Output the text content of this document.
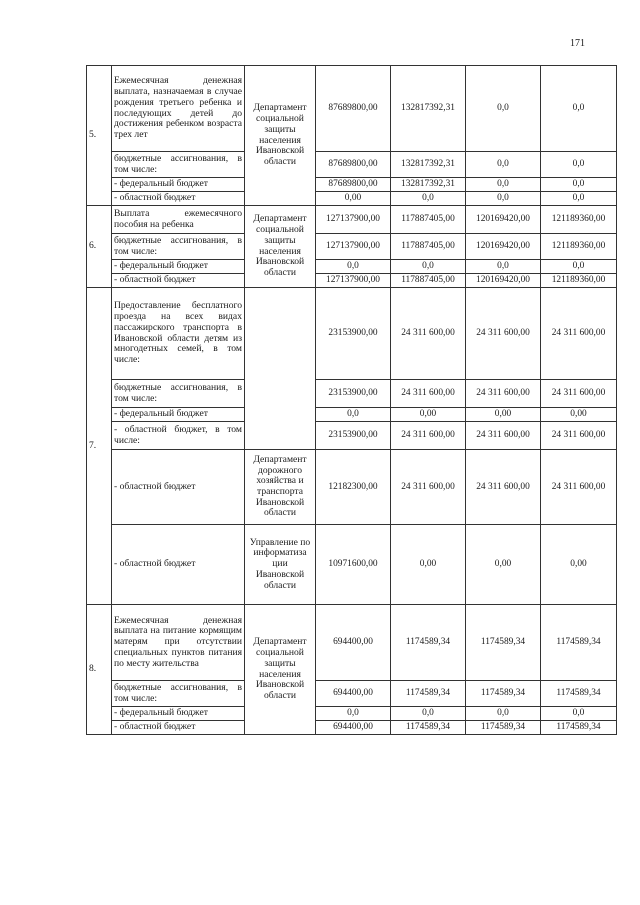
171
5.	Ежемесячная денежная выплата, назначаемая в случае рождения третьего ребенка и последующих детей до достижения ребенком возраста трех лет	Департамент социальной защиты населения Ивановской области	87689800,00	132817392,31	0,0	0,0
	бюджетные ассигнования, в том числе:		87689800,00	132817392,31	0,0	0,0
	- федеральный бюджет		87689800,00	132817392,31	0,0	0,0
	- областной бюджет		0,00	0,0	0,0	0,0
6.	Выплата ежемесячного пособия на ребенка	Департамент социальной защиты населения Ивановской области	127137900,00	117887405,00	120169420,00	121189360,00
	бюджетные ассигнования, в том числе:		127137900,00	117887405,00	120169420,00	121189360,00
	- федеральный бюджет		0,0	0,0	0,0	0,0
	- областной бюджет		127137900,00	117887405,00	120169420,00	121189360,00
7.	Предоставление бесплатного проезда на всех видах пассажирского транспорта в Ивановской области детям из многодетных семей, в том числе:		23153900,00	24 311 600,00	24 311 600,00	24 311 600,00
	бюджетные ассигнования, в том числе:		23153900,00	24 311 600,00	24 311 600,00	24 311 600,00
	- федеральный бюджет		0,0	0,00	0,00	0,00
	- областной бюджет, в том числе:		23153900,00	24 311 600,00	24 311 600,00	24 311 600,00
	- областной бюджет	Департамент дорожного хозяйства и транспорта Ивановской области	12182300,00	24 311 600,00	24 311 600,00	24 311 600,00
	- областной бюджет	Управление по информатиза ции Ивановской области	10971600,00	0,00	0,00	0,00
8.	Ежемесячная денежная выплата на питание кормящим матерям при отсутствии специальных пунктов питания по месту жительства	Департамент социальной защиты населения Ивановской области	694400,00	1174589,34	1174589,34	1174589,34
	бюджетные ассигнования, в том числе:		694400,00	1174589,34	1174589,34	1174589,34
	- федеральный бюджет		0,0	0,0	0,0	0,0
	- областной бюджет		694400,00	1174589,34	1174589,34	1174589,34
